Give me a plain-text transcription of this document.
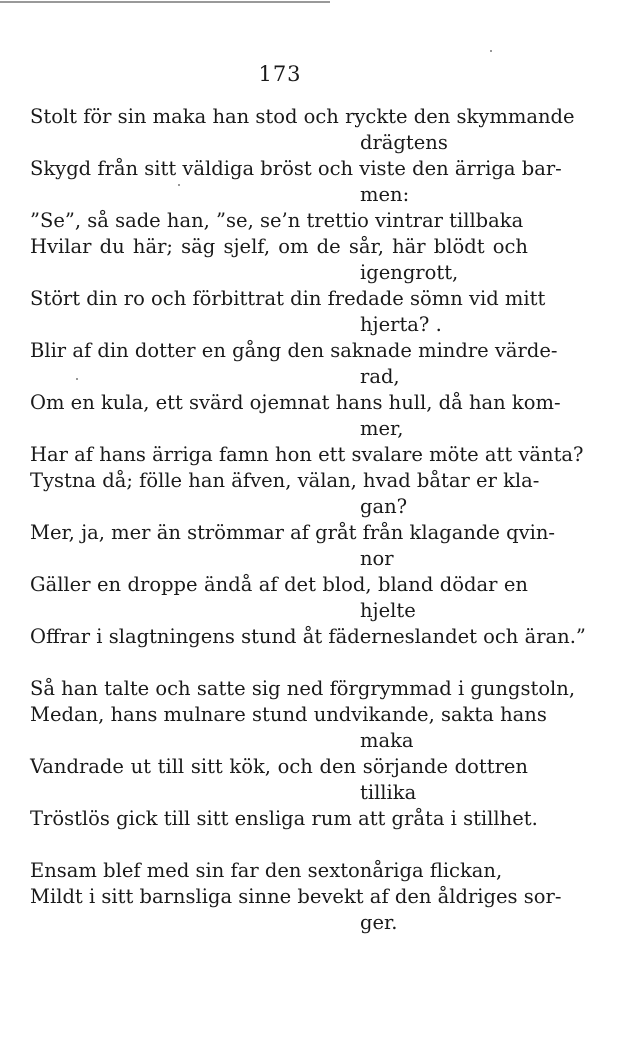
173
Stolt för sin maka han stod och ryckte den skymmande
drägtens
Skygd från sitt väldiga bröst och viste den ärriga bar-
men:
”Se”, så sade han, ”se, se’n trettio vintrar tillbaka
Hvilar du här; säg sjelf, om de sår, här blödt och
igengrott,
Stört din ro och förbittrat din fredade sömn vid mitt
hjerta? .
Blir af din dotter en gång den saknade mindre värde-
rad,
Om en kula, ett svärd ojemnat hans hull, då han kom-
mer,
Har af hans ärriga famn hon ett svalare möte att vänta?
Tystna då; fölle han äfven, välan, hvad båtar er kla-
gan?
Mer, ja, mer än strömmar af gråt från klagande qvin-
nor
Gäller en droppe ändå af det blod, bland dödar en
hjelte
Offrar i slagtningens stund åt fäderneslandet och äran.”
Så han talte och satte sig ned förgrymmad i gungstoln,
Medan, hans mulnare stund undvikande, sakta hans
maka
Vandrade ut till sitt kök, och den sörjande dottren
tillika
Tröstlös gick till sitt ensliga rum att gråta i stillhet.
Ensam blef med sin far den sextonåriga flickan,
Mildt i sitt barnsliga sinne bevekt af den åldriges sor-
ger.
